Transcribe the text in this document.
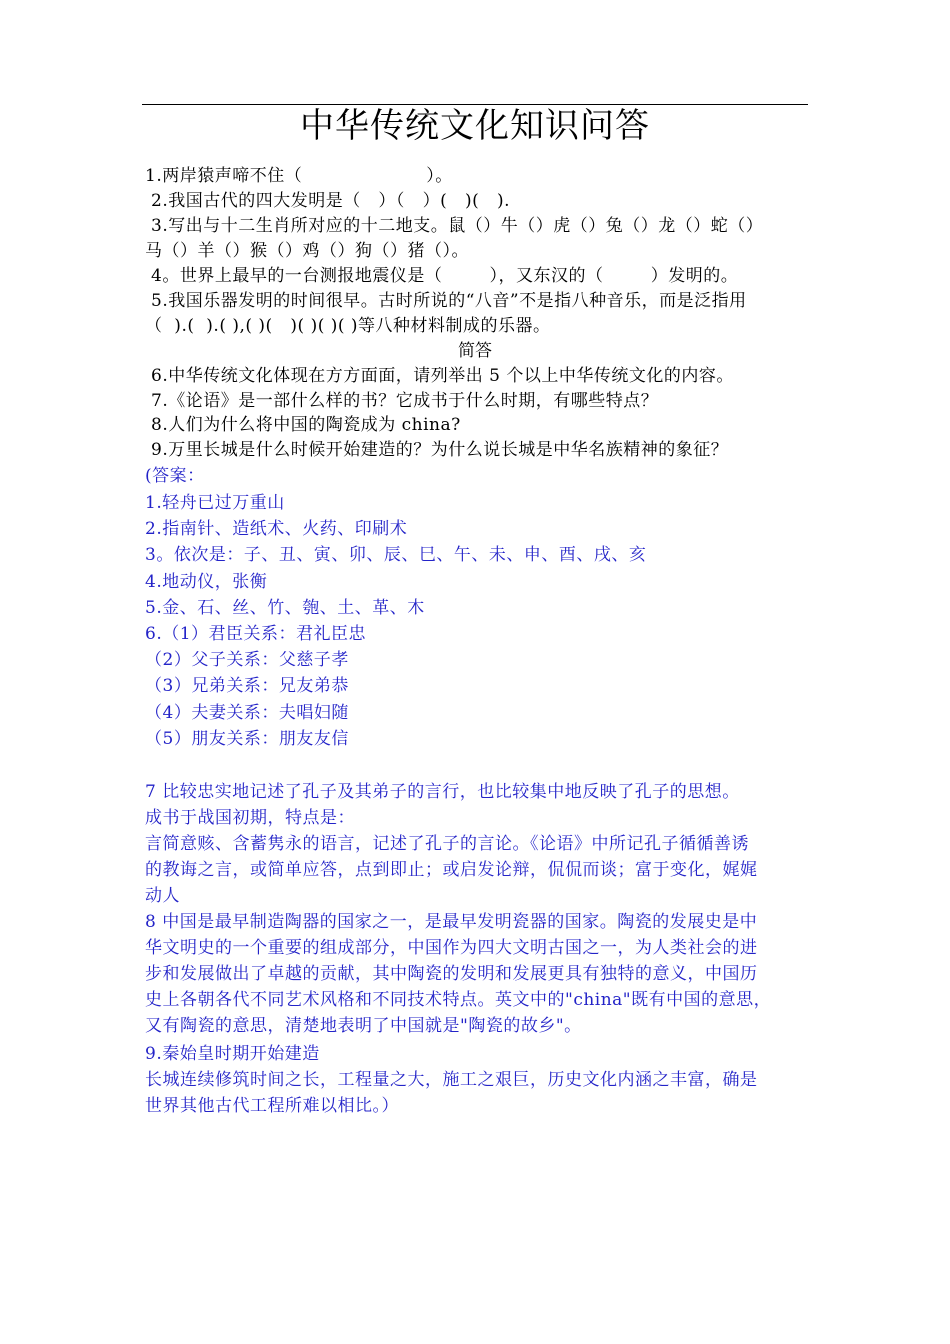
中华传统文化知识问答
1.两岸猿声啼不住（                     ）。
2.我国古代的四大发明是（   ）（   ）(   )(   ).
3.写出与十二生肖所对应的十二地支。鼠（）牛（）虎（）兔（）龙（）蛇（）
马（）羊（）猴（）鸡（）狗（）猪（）。
4。世界上最早的一台测报地震仪是（        ），又东汉的（        ）发明的。
5.我国乐器发明的时间很早。古时所说的“八音”不是指八种音乐，而是泛指用
（  ).(  ).( ),( )(   )( )( )( )等八种材料制成的乐器。
简答
6.中华传统文化体现在方方面面，请列举出 5 个以上中华传统文化的内容。
7.《论语》是一部什么样的书？它成书于什么时期，有哪些特点？
8.人们为什么将中国的陶瓷成为 china?
9.万里长城是什么时候开始建造的？为什么说长城是中华名族精神的象征？
(答案：
1.轻舟已过万重山
2.指南针、造纸术、火药、印刷术
3。依次是：子、丑、寅、卯、辰、巳、午、未、申、酉、戌、亥
4.地动仪，张衡
5.金、石、丝、竹、匏、土、革、木
6.（1）君臣关系：君礼臣忠
（2）父子关系：父慈子孝
（3）兄弟关系：兄友弟恭
（4）夫妻关系：夫唱妇随
（5）朋友关系：朋友友信
7 比较忠实地记述了孔子及其弟子的言行，也比较集中地反映了孔子的思想。
成书于战国初期，特点是：
言简意赅、含蓄隽永的语言，记述了孔子的言论。《论语》中所记孔子循循善诱
的教诲之言，或简单应答，点到即止；或启发论辩，侃侃而谈；富于变化，娓娓
动人
8 中国是最早制造陶器的国家之一，是最早发明瓷器的国家。陶瓷的发展史是中
华文明史的一个重要的组成部分，中国作为四大文明古国之一，为人类社会的进
步和发展做出了卓越的贡献，其中陶瓷的发明和发展更具有独特的意义，中国历
史上各朝各代不同艺术风格和不同技术特点。英文中的"china"既有中国的意思，
又有陶瓷的意思，清楚地表明了中国就是"陶瓷的故乡"。
9.秦始皇时期开始建造
长城连续修筑时间之长，工程量之大，施工之艰巨，历史文化内涵之丰富，确是
世界其他古代工程所难以相比。）
